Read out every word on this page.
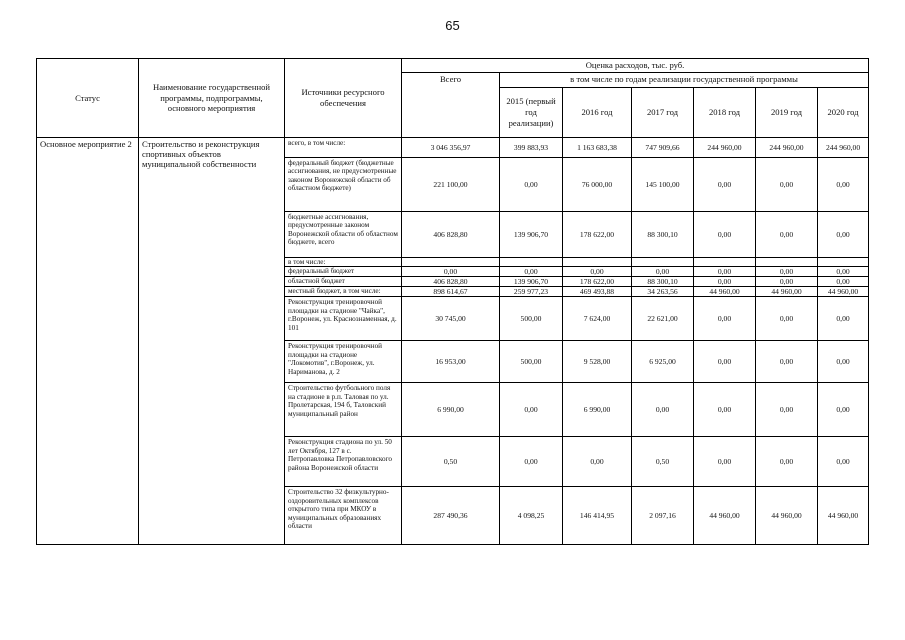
65
Статус	Наименование государственной программы, подпрограммы, основного мероприятия	Источники ресурсного обеспечения	Оценка расходов, тыс. руб.						
			Всего	в том числе по годам реализации государственной программы					
				2015 (первый год реализации)	2016 год	2017 год	2018 год	2019 год	2020 год
Основное мероприятие 2	Строительство и реконструкция спортивных объектов муниципальной собственности	всего, в том числе:	3 046 356,97	399 883,93	1 163 683,38	747 909,66	244 960,00	244 960,00	244 960,00
		федеральный бюджет (бюджетные ассигнования, не предусмотренные законом Воронежской области об областном бюджете)	221 100,00	0,00	76 000,00	145 100,00	0,00	0,00	0,00
		бюджетные ассигнования, предусмотренные законом Воронежской области об областном бюджете, всего	406 828,80	139 906,70	178 622,00	88 300,10	0,00	0,00	0,00
		в том числе:							
		федеральный бюджет	0,00	0,00	0,00	0,00	0,00	0,00	0,00
		областной бюджет	406 828,80	139 906,70	178 622,00	88 300,10	0,00	0,00	0,00
		местный бюджет, в том числе:	898 614,67	259 977,23	469 493,88	34 263,56	44 960,00	44 960,00	44 960,00
		Реконструкция тренировочной площадки на стадионе "Чайка", г.Воронеж, ул. Краснознаменная, д. 101	30 745,00	500,00	7 624,00	22 621,00	0,00	0,00	0,00
		Реконструкция тренировочной площадки на стадионе "Локомотив", г.Воронеж, ул. Нариманова, д. 2	16 953,00	500,00	9 528,00	6 925,00	0,00	0,00	0,00
		Строительство футбольного поля на стадионе в р.п. Таловая по ул. Пролетарская, 194 б, Таловский муниципальный район	6 990,00	0,00	6 990,00	0,00	0,00	0,00	0,00
		Реконструкция стадиона по ул. 50 лет Октября, 127 в с. Петропавловка Петропавловского района Воронежской области	0,50	0,00	0,00	0,50	0,00	0,00	0,00
		Строительство 32 физкультурно-оздоровительных комплексов открытого типа при МКОУ в муниципальных образованиях области	287 490,36	4 098,25	146 414,95	2 097,16	44 960,00	44 960,00	44 960,00
